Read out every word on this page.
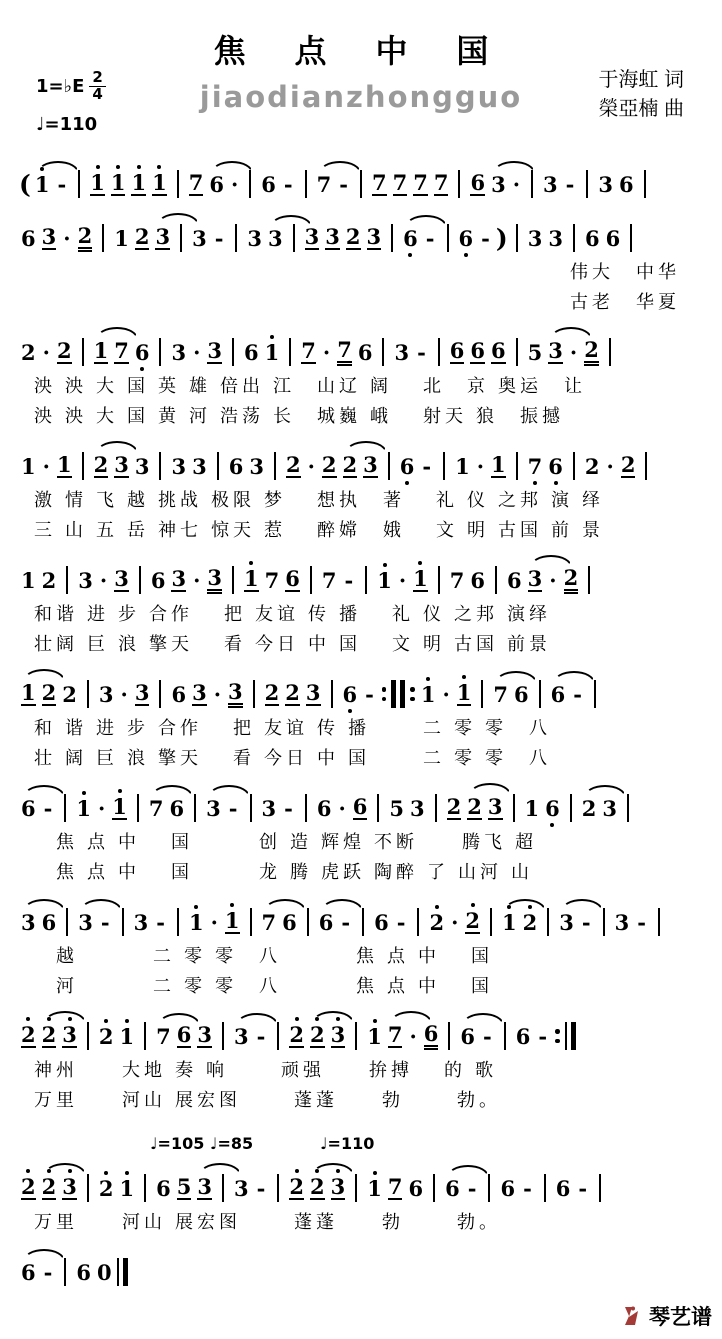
焦 点 中 国
jiaodianzhongguo
1=♭E $\frac{2}{4}$
♩=110
于海虹 词
榮亞楠 曲
( 1 - 1 1 1 1 7 6 · 6 - 7 - 7 7 7 7 6 3 · 3 - 3 6
6 3 · 2 1 2 3 3 - 3 3 3 3 2 3 6 - 6 - ) 3 3 6 6
伟大　中华
古老　华夏
2 · 2 1 7 6 3 · 3 6 1 7 · 7 6 3 - 6 6 6 5 3 · 2
泱 泱 大 国 英 雄 倍出 江　山辽 阔　 北　京 奥运　让
泱 泱 大 国 黄 河 浩荡 长　城巍 峨　 射天 狼　振撼
1 · 1 2 3 3 3 3 6 3 2 · 2 2 3 6 - 1 · 1 7 6 2 · 2
激 情 飞 越 挑战 极限 梦　 想执　著　 礼 仪 之邦 演 绎
三 山 五 岳 神七 惊天 惹　 醉嫦　娥　 文 明 古国 前 景
1 2 3 · 3 6 3 · 3 1 7 6 7 - 1 · 1 7 6 6 3 · 2
和谐 进 步 合作　 把 友谊 传 播　 礼 仪 之邦 演绎
壮阔 巨 浪 擎天　 看 今日 中 国　 文 明 古国 前景
1 2 2 3 · 3 6 3 · 3 2 2 3 6 - 1 · 1 7 6 6 -
和 谐 进 步 合作　 把 友谊 传 播　　 二 零 零　八
壮 阔 巨 浪 擎天　 看 今日 中 国　　 二 零 零　八
6 - 1 · 1 7 6 3 - 3 - 6 · 6 5 3 2 2 3 1 6 2 3
　焦 点 中　 国　　　创 造 辉煌 不断　　腾飞 超
　焦 点 中　 国　　　龙 腾 虎跃 陶醉 了 山河 山
3 6 3 - 3 - 1 · 1 7 6 6 - 6 - 2 · 2 1 2 3 - 3 -
　越　　　 二 零 零　八　　　 焦 点 中　 国
　河　　　 二 零 零　八　　　 焦 点 中　 国
2 2 3 2 1 7 6 3 3 - 2 2 3 1 7 · 6 6 - 6 -
神州　　大地 奏 响　　 顽强　　拚搏　 的 歌
万里　　河山 展宏图　　 蓬蓬　　勃　　 勃。
♩=105 ♩=85	♩=110
2 2 3 2 1 6 5 3 3 - 2 2 3 1 7 6 6 - 6 - 6 -
万里　　河山 展宏图　　 蓬蓬　　勃　　 勃。
6 - 6 0
琴艺谱
